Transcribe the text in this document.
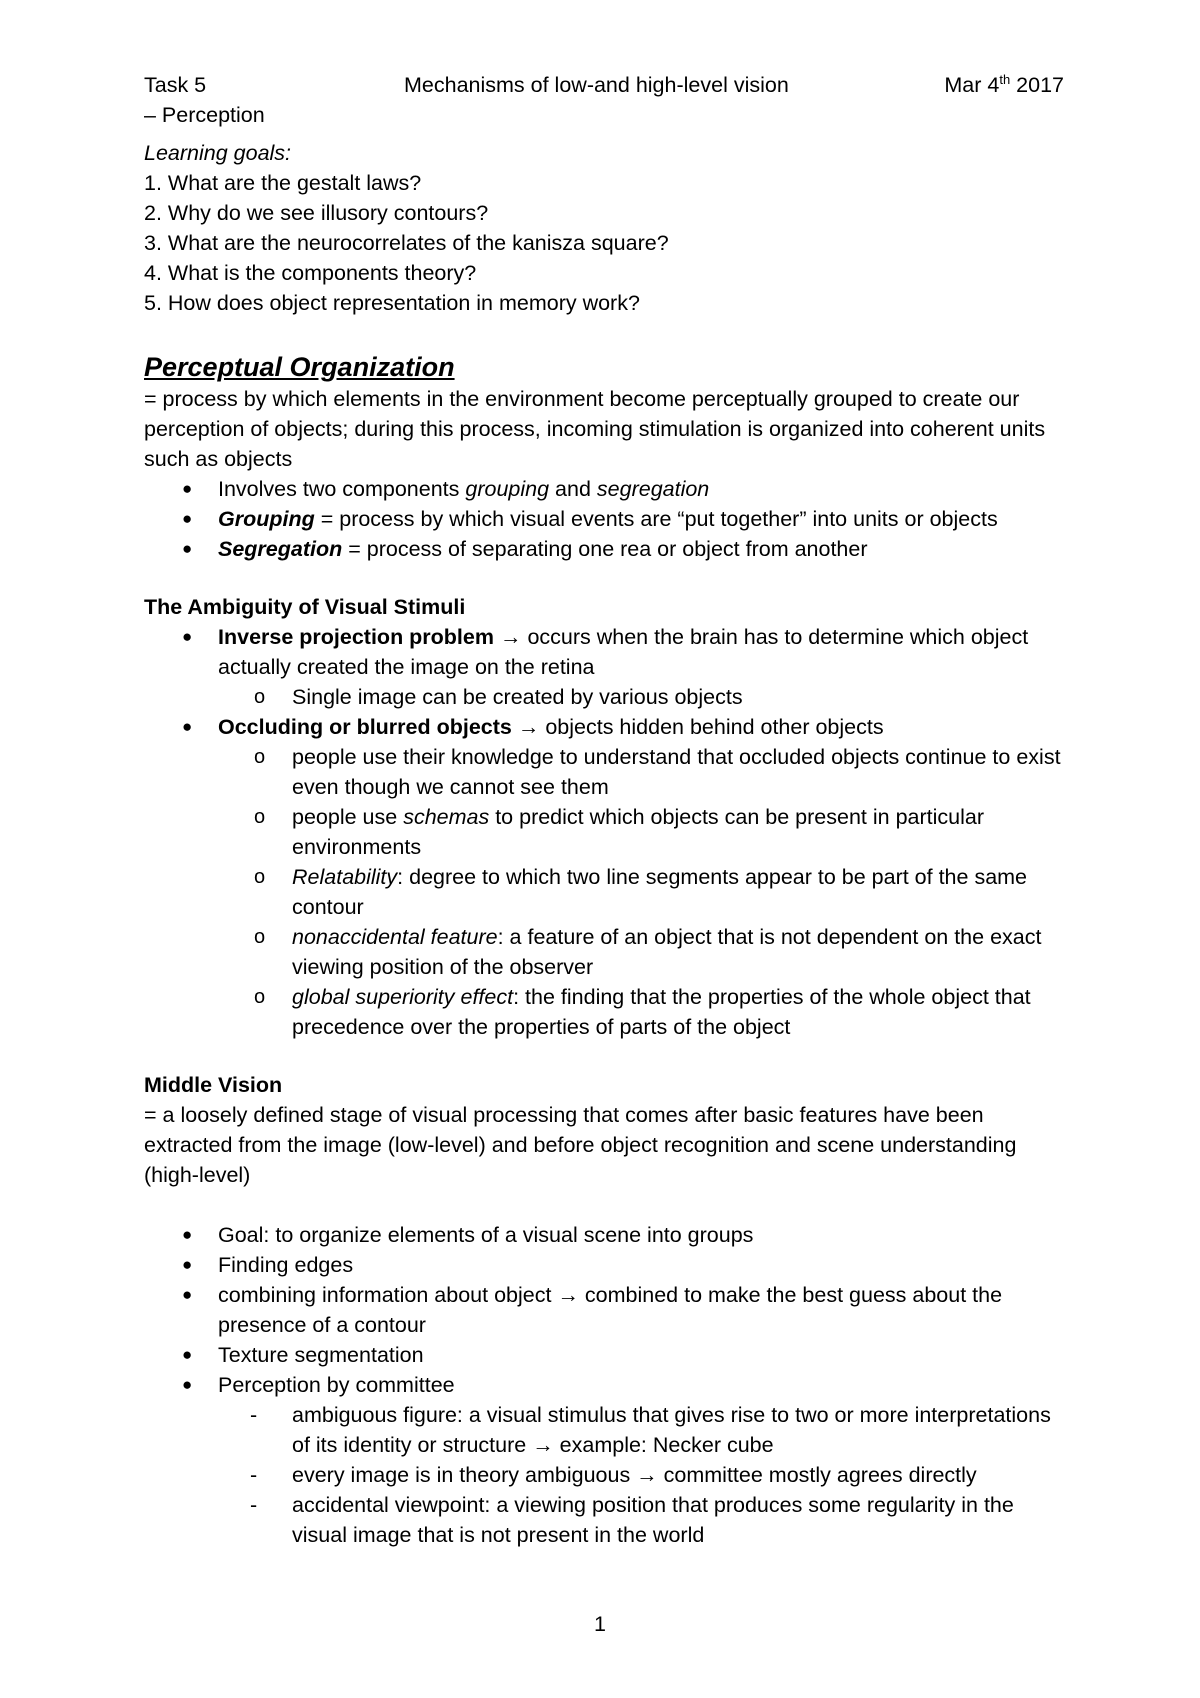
Task 5	Mechanisms of low-and high-level vision	Mar 4th 2017

– Perception

Learning goals:

1. What are the gestalt laws?

2. Why do we see illusory contours?

3. What are the neurocorrelates of the kanisza square?

4. What is the components theory?

5. How does object representation in memory work?

Perceptual Organization

= process by which elements in the environment become perceptually grouped to create our perception of objects; during this process, incoming stimulation is organized into coherent units such as objects

● Involves two components grouping and segregation
● Grouping = process by which visual events are “put together” into units or objects
● Segregation = process of separating one rea or object from another

The Ambiguity of Visual Stimuli

● Inverse projection problem → occurs when the brain has to determine which object actually created the image on the retina
o Single image can be created by various objects
● Occluding or blurred objects → objects hidden behind other objects
o people use their knowledge to understand that occluded objects continue to exist even though we cannot see them
o people use schemas to predict which objects can be present in particular environments
o Relatability: degree to which two line segments appear to be part of the same contour
o nonaccidental feature: a feature of an object that is not dependent on the exact viewing position of the observer
o global superiority effect: the finding that the properties of the whole object that precedence over the properties of parts of the object

Middle Vision

= a loosely defined stage of visual processing that comes after basic features have been extracted from the image (low-level) and before object recognition and scene understanding (high-level)

● Goal: to organize elements of a visual scene into groups
● Finding edges
● combining information about object → combined to make the best guess about the presence of a contour
● Texture segmentation
● Perception by committee
- ambiguous figure: a visual stimulus that gives rise to two or more interpretations of its identity or structure → example: Necker cube
- every image is in theory ambiguous → committee mostly agrees directly
- accidental viewpoint: a viewing position that produces some regularity in the visual image that is not present in the world
1
